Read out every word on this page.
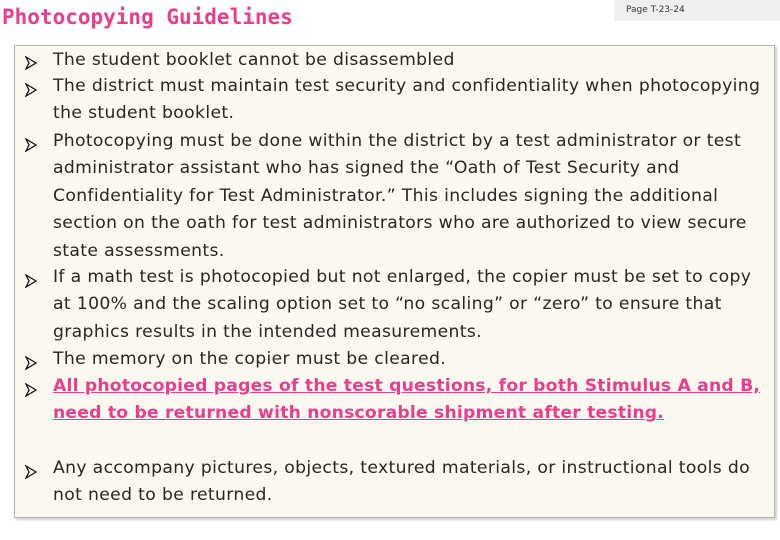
Photocopying Guidelines	Page T-23-24

The student booklet cannot be disassembled

The district must maintain test security and confidentiality when photocopying the student booklet.

Photocopying must be done within the district by a test administrator or test administrator assistant who has signed the “Oath of Test Security and Confidentiality for Test Administrator.” This includes signing the additional section on the oath for test administrators who are authorized to view secure state assessments.

If a math test is photocopied but not enlarged, the copier must be set to copy at 100% and the scaling option set to “no scaling” or “zero” to ensure that graphics results in the intended measurements.

The memory on the copier must be cleared.

All photocopied pages of the test questions, for both Stimulus A and B, need to be returned with nonscorable shipment after testing.

Any accompany pictures, objects, textured materials, or instructional tools do not need to be returned.
